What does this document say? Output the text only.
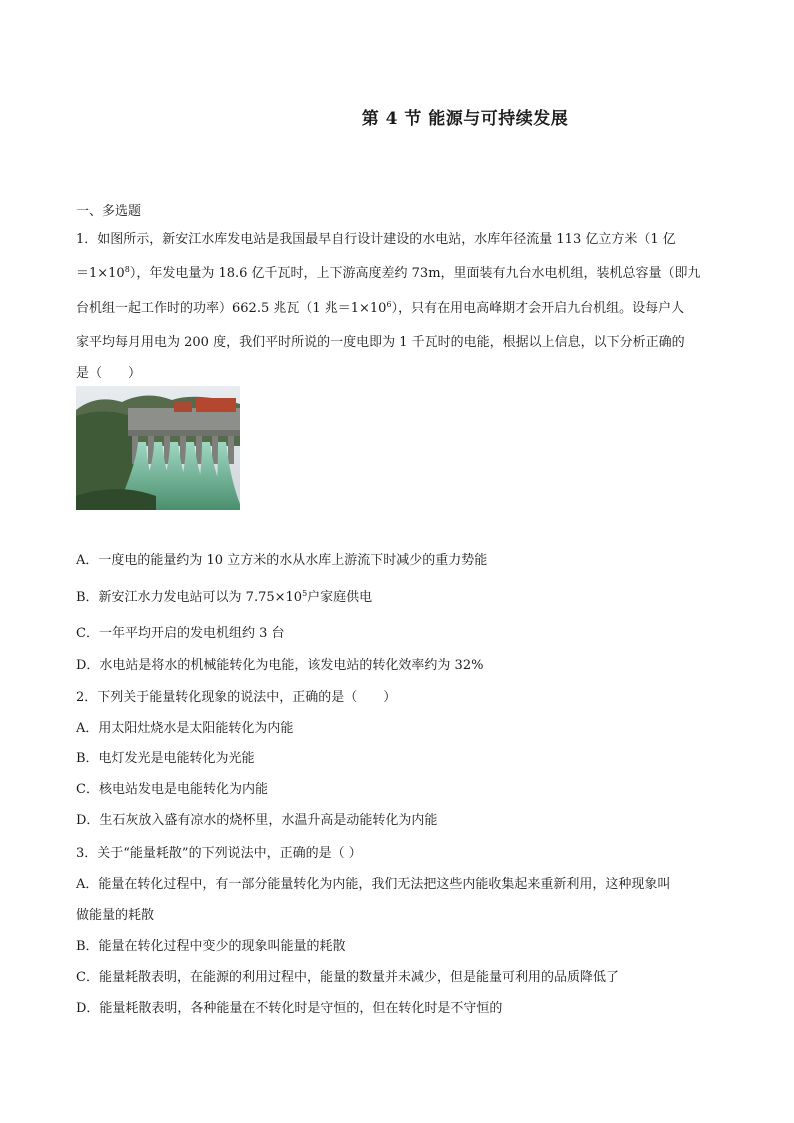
第 4 节 能源与可持续发展
一、多选题
1．如图所示，新安江水库发电站是我国最早自行设计建设的水电站，水库年径流量 113 亿立方米（1 亿
$=1\times 10^8$），年发电量为 18.6 亿千瓦时，上下游高度差约 73m，里面装有九台水电机组，装机总容量（即九
台机组一起工作时的功率）662.5 兆瓦（1 兆$=1\times 10^6$），只有在用电高峰期才会开启九台机组。设每户人
家平均每月用电为 200 度，我们平时所说的一度电即为 1 千瓦时的电能，根据以上信息，以下分析正确的
是（　　）
A．一度电的能量约为 10 立方米的水从水库上游流下时减少的重力势能
B．新安江水力发电站可以为 $7.75\times 10^5$户家庭供电
C．一年平均开启的发电机组约 3 台
D．水电站是将水的机械能转化为电能，该发电站的转化效率约为 32%
2．下列关于能量转化现象的说法中，正确的是（　　）
A．用太阳灶烧水是太阳能转化为内能
B．电灯发光是电能转化为光能
C．核电站发电是电能转化为内能
D．生石灰放入盛有凉水的烧杯里，水温升高是动能转化为内能
3．关于“能量耗散”的下列说法中，正确的是（ ）
A．能量在转化过程中，有一部分能量转化为内能，我们无法把这些内能收集起来重新利用，这种现象叫
做能量的耗散
B．能量在转化过程中变少的现象叫能量的耗散
C．能量耗散表明，在能源的利用过程中，能量的数量并未减少，但是能量可利用的品质降低了
D．能量耗散表明，各种能量在不转化时是守恒的，但在转化时是不守恒的
